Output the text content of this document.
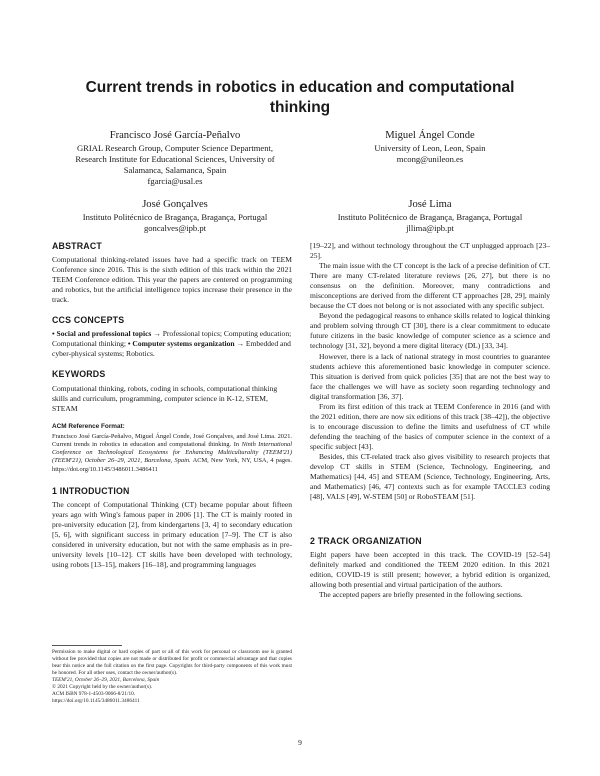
Current trends in robotics in education and computational thinking
Francisco José García-Peñalvo
GRIAL Research Group, Computer Science Department,
Research Institute for Educational Sciences, University of
Salamanca, Salamanca, Spain
fgarcia@usal.es
Miguel Ángel Conde
University of Leon, Leon, Spain
mcong@unileon.es
José Gonçalves
Instituto Politécnico de Bragança, Bragança, Portugal
goncalves@ipb.pt
José Lima
Instituto Politécnico de Bragança, Bragança, Portugal
jllima@ipb.pt
ABSTRACT

Computational thinking-related issues have had a specific track on TEEM Conference since 2016. This is the sixth edition of this track within the 2021 TEEM Conference edition. This year the papers are centered on programming and robotics, but the artificial intelligence topics increase their presence in the track.

CCS CONCEPTS

• Social and professional topics → Professional topics; Computing education; Computational thinking; • Computer systems organization → Embedded and cyber-physical systems; Robotics.

KEYWORDS

Computational thinking, robots, coding in schools, computational thinking skills and curriculum, programming, computer science in K-12, STEM, STEAM

ACM Reference Format:
Francisco José García-Peñalvo, Miguel Ángel Conde, José Gonçalves, and José Lima. 2021. Current trends in robotics in education and computational thinking. In Ninth International Conference on Technological Ecosystems for Enhancing Multiculturality (TEEM'21) (TEEM'21), October 26–29, 2021, Barcelona, Spain. ACM, New York, NY, USA, 4 pages. https://doi.org/10.1145/3486011.3486411
1 INTRODUCTION

The concept of Computational Thinking (CT) became popular about fifteen years ago with Wing's famous paper in 2006 [1]. The CT is mainly rooted in pre-university education [2], from kindergartens [3, 4] to secondary education [5, 6], with significant success in primary education [7–9]. The CT is also considered in university education, but not with the same emphasis as in pre-university levels [10–12]. CT skills have been developed with technology, using robots [13–15], makers [16–18], and programming languages

Permission to make digital or hard copies of part or all of this work for personal or classroom use is granted without fee provided that copies are not made or distributed for profit or commercial advantage and that copies bear this notice and the full citation on the first page. Copyrights for third-party components of this work must be honored. For all other uses, contact the owner/author(s).
TEEM'21, October 26–29, 2021, Barcelona, Spain
© 2021 Copyright held by the owner/author(s).
ACM ISBN 978-1-4503-9066-8/21/10.
https://doi.org/10.1145/3486011.3486411

[19–22], and without technology throughout the CT unplugged approach [23–25].

The main issue with the CT concept is the lack of a precise definition of CT. There are many CT-related literature reviews [26, 27], but there is no consensus on the definition. Moreover, many contradictions and misconceptions are derived from the different CT approaches [28, 29], mainly because the CT does not belong or is not associated with any specific subject.

Beyond the pedagogical reasons to enhance skills related to logical thinking and problem solving through CT [30], there is a clear commitment to educate future citizens in the basic knowledge of computer science as a science and technology [31, 32], beyond a mere digital literacy (DL) [33, 34].

However, there is a lack of national strategy in most countries to guarantee students achieve this aforementioned basic knowledge in computer science. This situation is derived from quick policies [35] that are not the best way to face the challenges we will have as society soon regarding technology and digital transformation [36, 37].

From its first edition of this track at TEEM Conference in 2016 (and with the 2021 edition, there are now six editions of this track [38–42]), the objective is to encourage discussion to define the limits and usefulness of CT while defending the teaching of the basics of computer science in the context of a specific subject [43].

Besides, this CT-related track also gives visibility to research projects that develop CT skills in STEM (Science, Technology, Engineering, and Mathematics) [44, 45] and STEAM (Science, Technology, Engineering, Arts, and Mathematics) [46, 47] contexts such as for example TACCLE3 coding [48], VALS [49], W-STEM [50] or RoboSTEAM [51].

2 TRACK ORGANIZATION

Eight papers have been accepted in this track. The COVID-19 [52–54] definitely marked and conditioned the TEEM 2020 edition. In this 2021 edition, COVID-19 is still present; however, a hybrid edition is organized, allowing both presential and virtual participation of the authors.

The accepted papers are briefly presented in the following sections.

9
